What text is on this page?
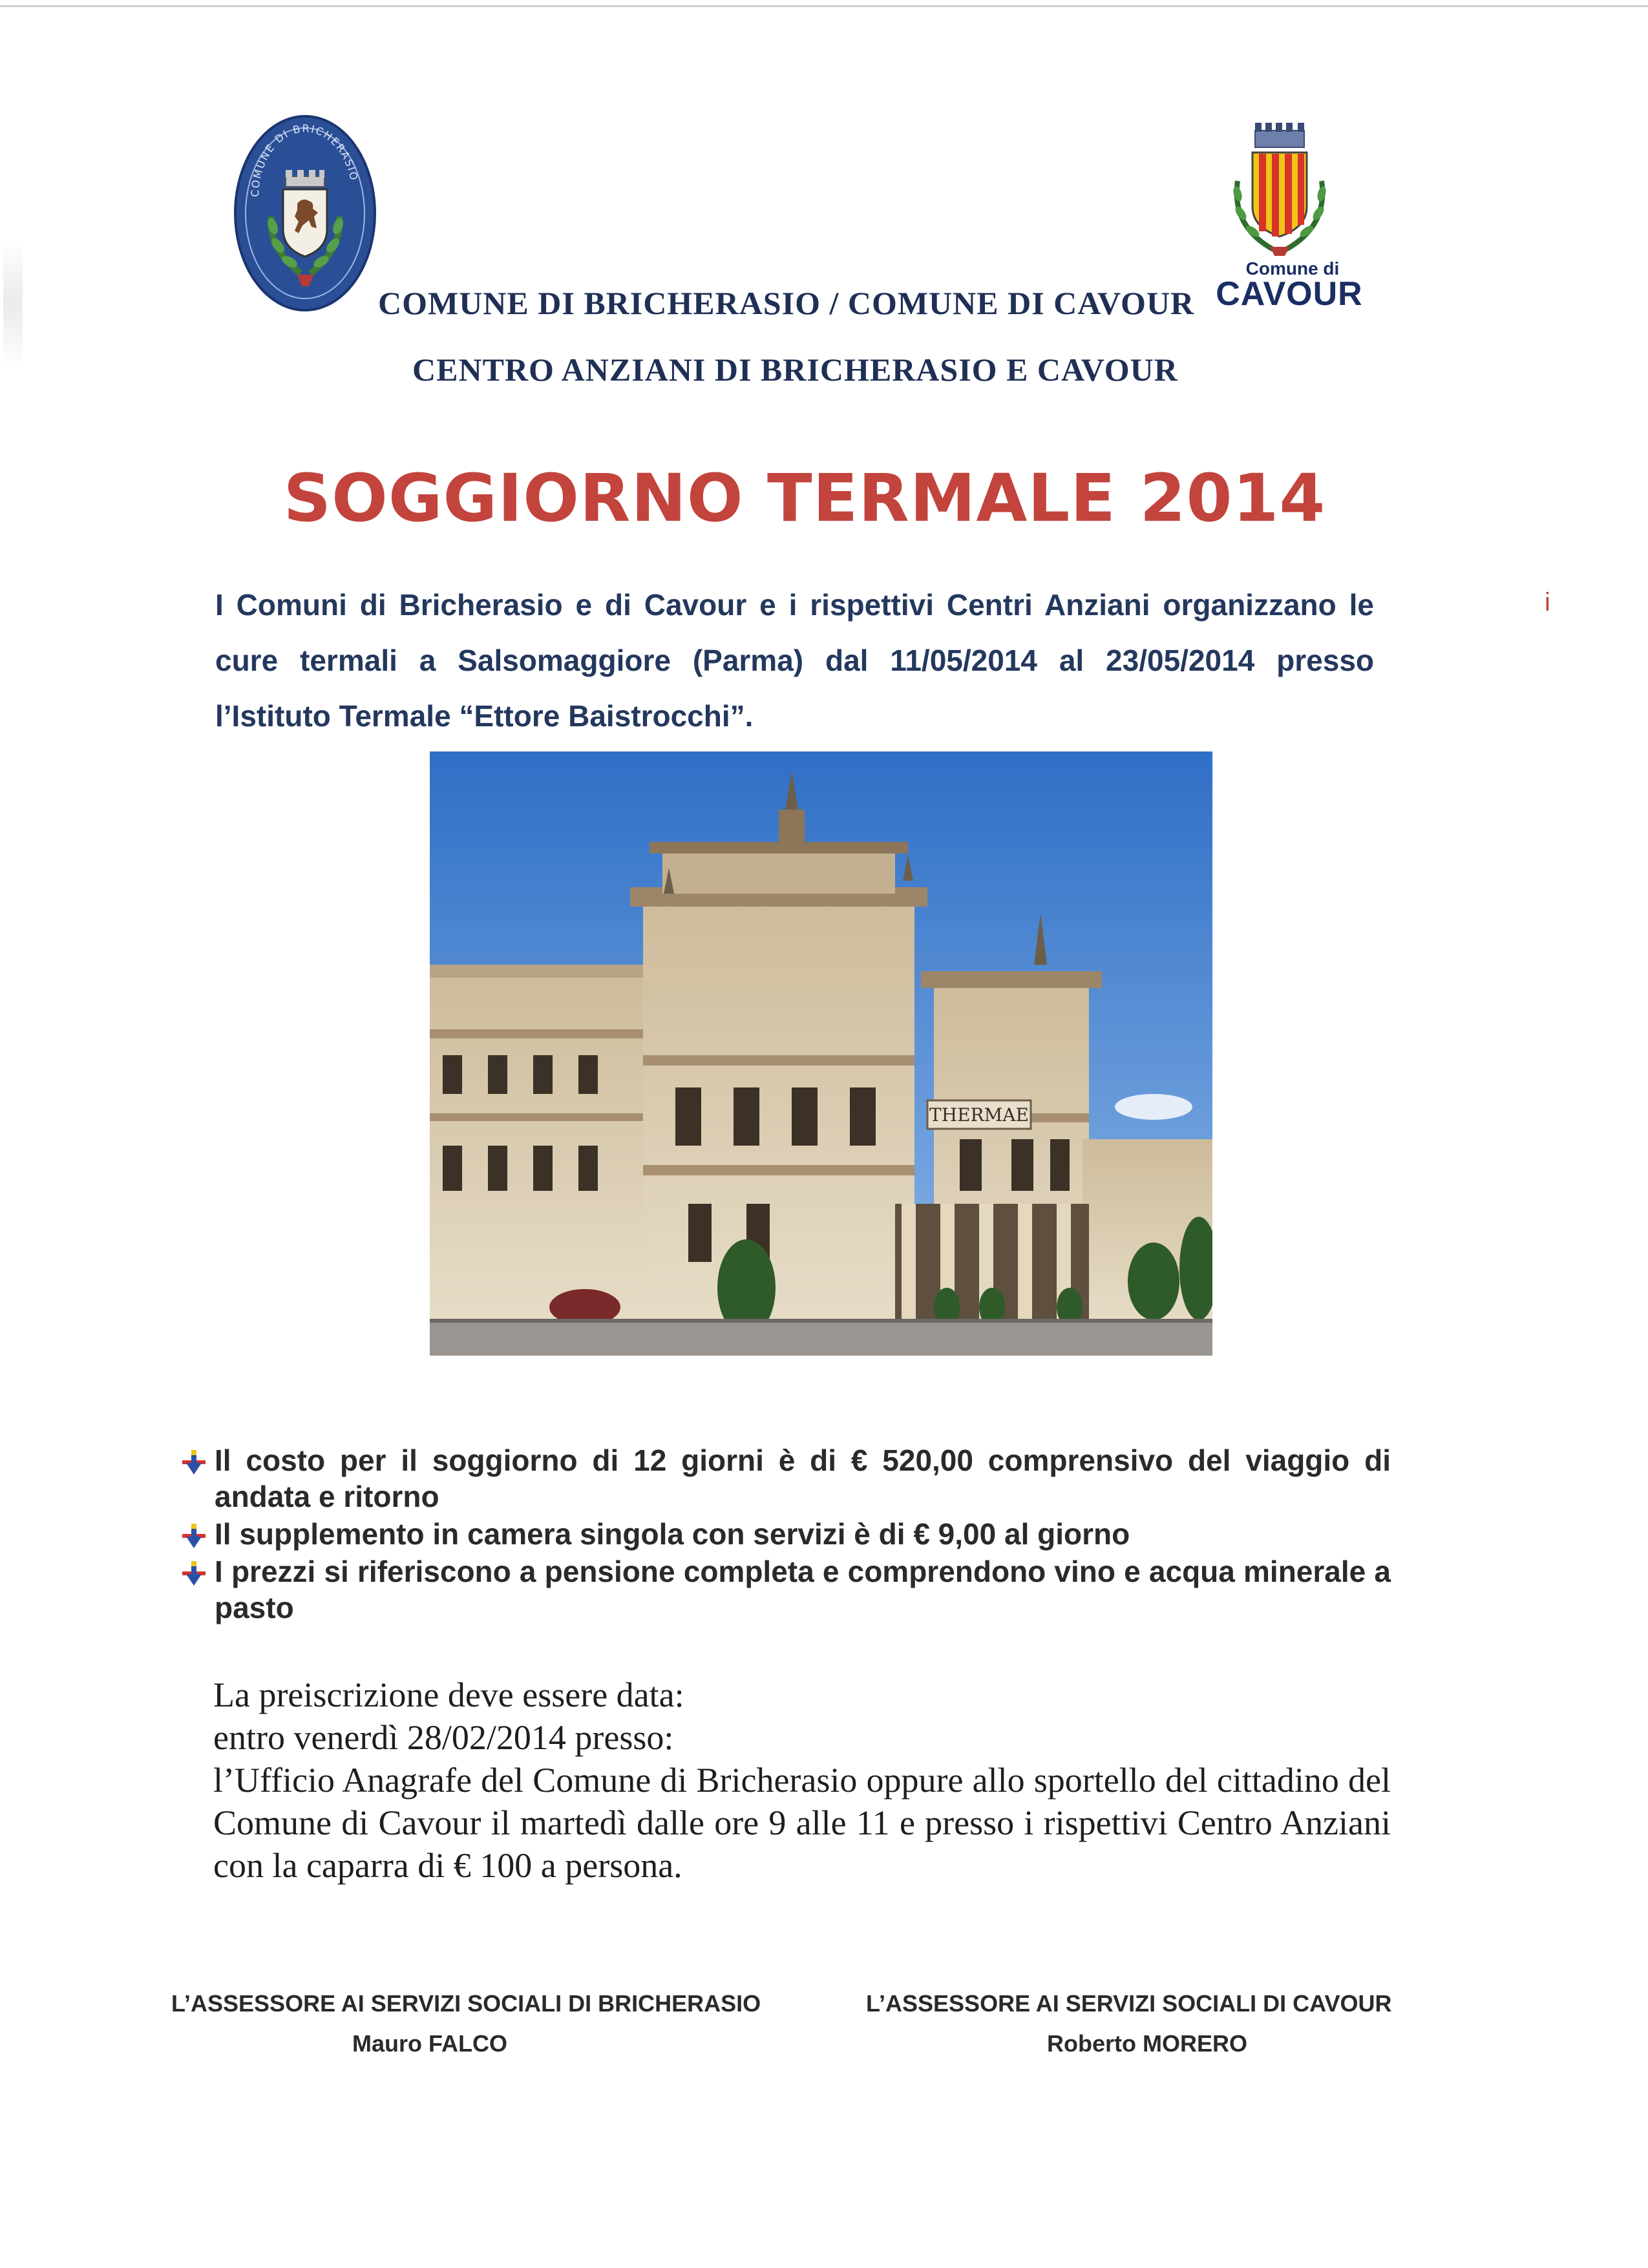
COMUNE DI BRICHERASIO
Comune di
CAVOUR
COMUNE DI BRICHERASIO / COMUNE DI CAVOUR
CENTRO ANZIANI DI BRICHERASIO E CAVOUR
SOGGIORNO TERMALE 2014
I Comuni di Bricherasio e di Cavour e i rispettivi Centri Anziani organizzano le cure termali a Salsomaggiore (Parma) dal 11/05/2014 al 23/05/2014 presso l’Istituto Termale “Ettore Baistrocchi”.
i
THERMAE
Il costo per il soggiorno di 12 giorni è di € 520,00 comprensivo del viaggio di andata e ritorno
Il supplemento in camera singola con servizi è di € 9,00 al giorno
I prezzi si riferiscono a pensione completa e comprendono vino e acqua minerale a pasto
La preiscrizione deve essere data:
entro venerdì 28/02/2014 presso:
l’Ufficio Anagrafe del Comune di Bricherasio oppure allo sportello del cittadino del Comune di Cavour il martedì dalle ore 9 alle 11 e presso i rispettivi Centro Anziani con la caparra di € 100 a persona.
L’ASSESSORE AI SERVIZI SOCIALI DI BRICHERASIO
Mauro FALCO
L’ASSESSORE AI SERVIZI SOCIALI DI CAVOUR
Roberto MORERO
